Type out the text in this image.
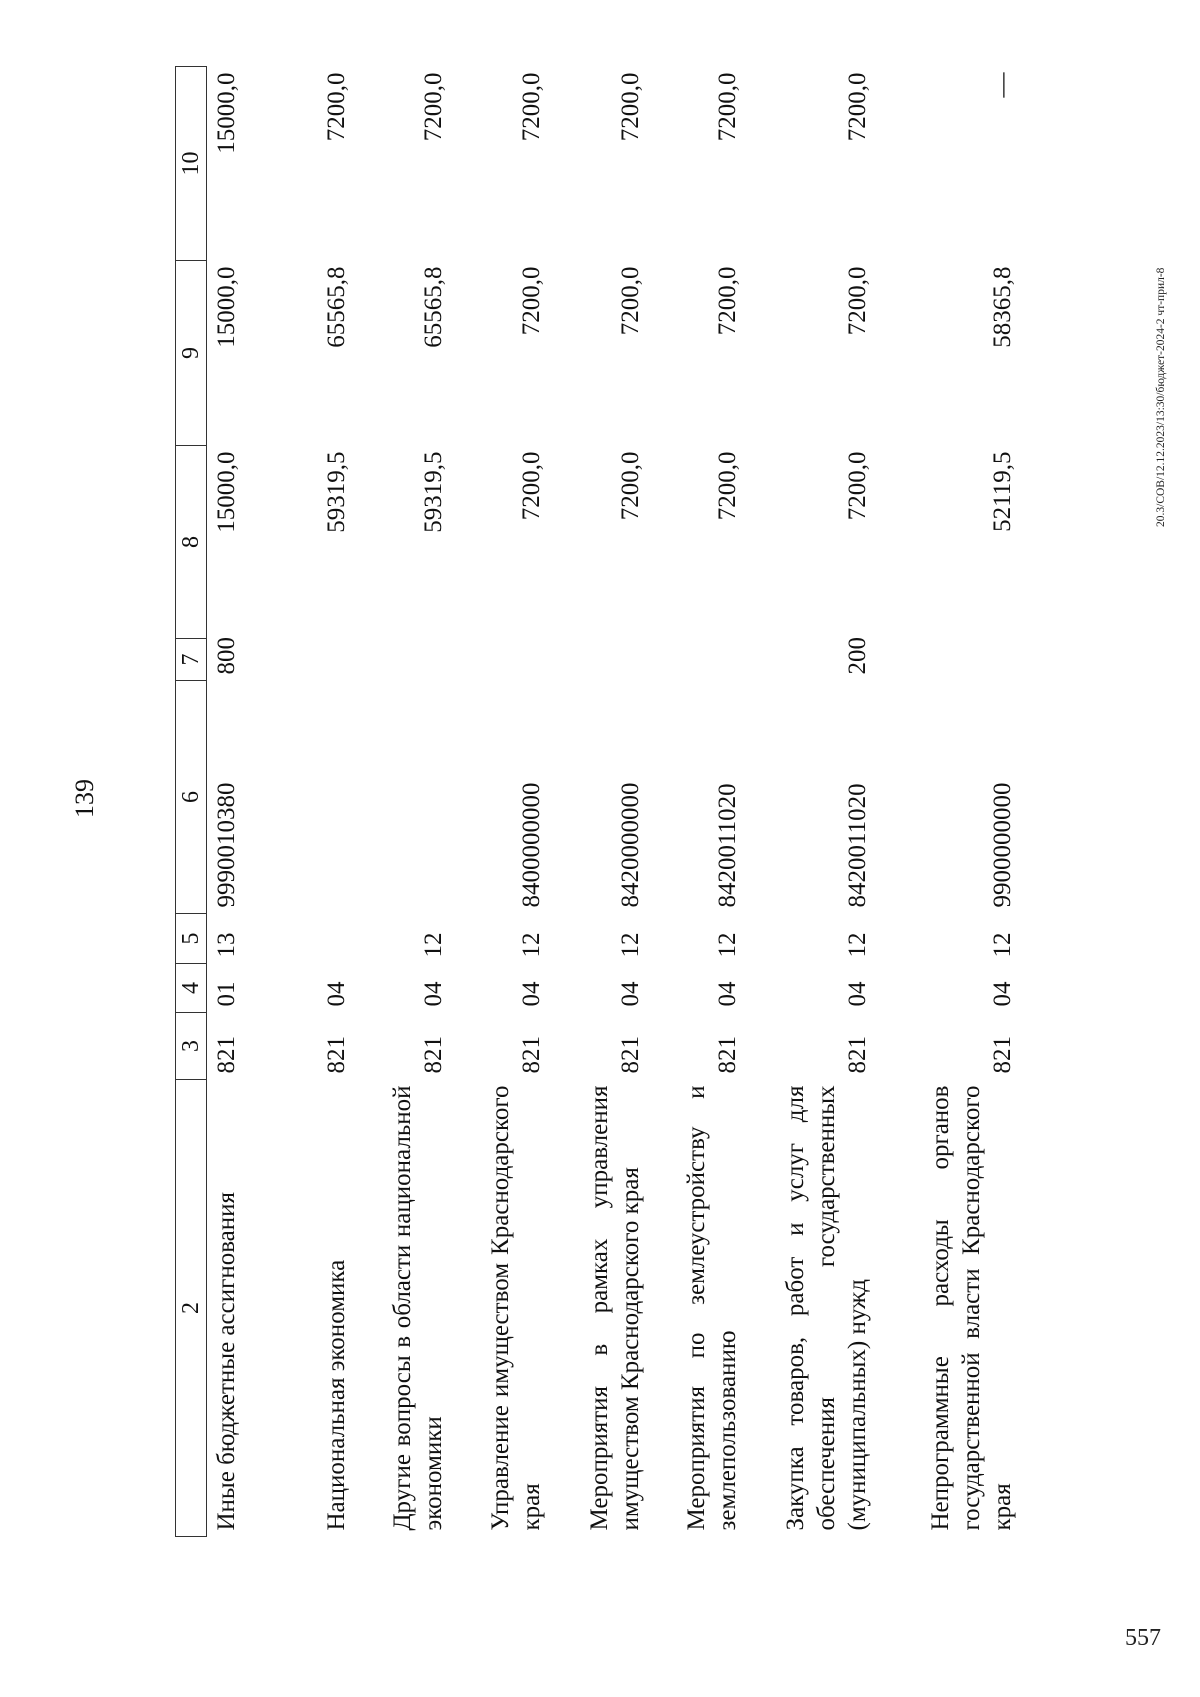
139
2	3	4	5	6	7	8	9	10
Иные бюджетные ассигнования	821	01	13	9990010380	800	15000,0	15000,0	15000,0
Национальная экономика	821	04				59319,5	65565,8	7200,0
Другие вопросы в области национальной экономики	821	04	12			59319,5	65565,8	7200,0
Управление имуществом Краснодарского края	821	04	12	8400000000		7200,0	7200,0	7200,0
Мероприятия в рамках управления имуществом Краснодарского края	821	04	12	8420000000		7200,0	7200,0	7200,0
Мероприятия по землеустройству и землепользованию	821	04	12	8420011020		7200,0	7200,0	7200,0
Закупка товаров, работ и услуг для обеспечения государственных (муниципальных) нужд	821	04	12	8420011020	200	7200,0	7200,0	7200,0
Непрограммные расходы органов государственной власти Краснодарского края	821	04	12	9900000000		52119,5	58365,8	—
20.3/СОВ/12.12.2023/13:30/бюджет-2024-2 чт-прил-8
557
